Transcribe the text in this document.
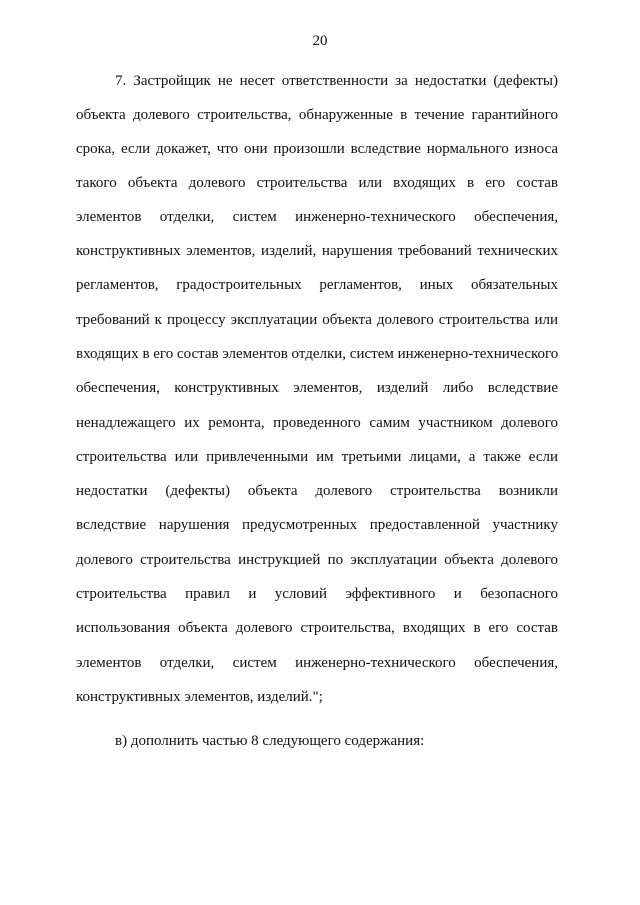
20
7. Застройщик не несет ответственности за недостатки (дефекты)
объекта долевого строительства, обнаруженные в течение гарантийного
срока, если докажет, что они произошли вследствие нормального износа
такого объекта долевого строительства или входящих в его состав
элементов отделки, систем инженерно-технического обеспечения,
конструктивных элементов, изделий, нарушения требований технических
регламентов, градостроительных регламентов, иных обязательных
требований к процессу эксплуатации объекта долевого строительства или
входящих в его состав элементов отделки, систем инженерно-технического
обеспечения, конструктивных элементов, изделий либо вследствие
ненадлежащего их ремонта, проведенного самим участником долевого
строительства или привлеченными им третьими лицами, а также если
недостатки (дефекты) объекта долевого строительства возникли
вследствие нарушения предусмотренных предоставленной участнику
долевого строительства инструкцией по эксплуатации объекта долевого
строительства правил и условий эффективного и безопасного
использования объекта долевого строительства, входящих в его состав
элементов отделки, систем инженерно-технического обеспечения,
конструктивных элементов, изделий.";
в) дополнить частью 8 следующего содержания:
